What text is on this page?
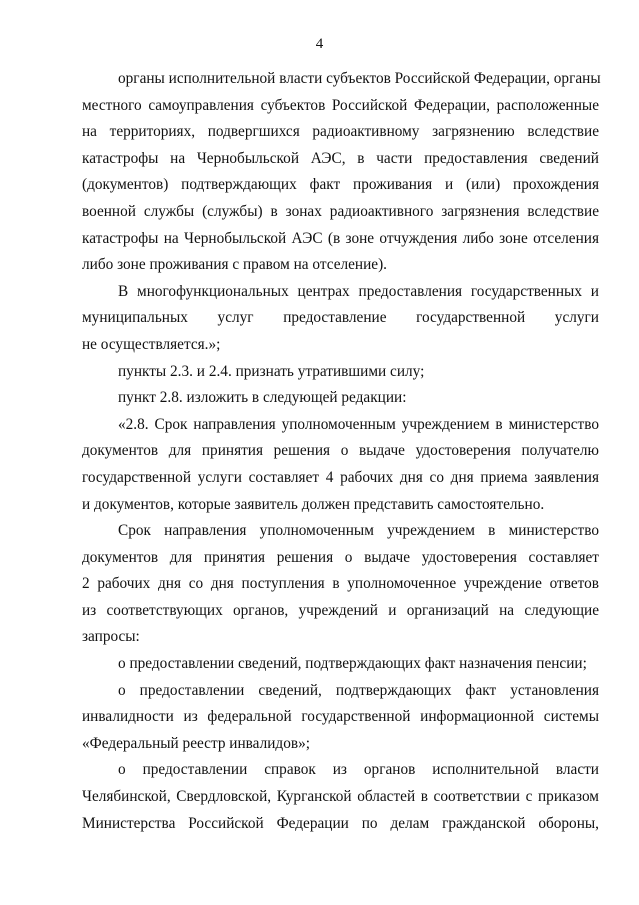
4
органы исполнительной власти субъектов Российской Федерации, органы
местного самоуправления субъектов Российской Федерации, расположенные
на территориях, подвергшихся радиоактивному загрязнению вследствие
катастрофы на Чернобыльской АЭС, в части предоставления сведений
(документов) подтверждающих факт проживания и (или) прохождения
военной службы (службы) в зонах радиоактивного загрязнения вследствие
катастрофы на Чернобыльской АЭС (в зоне отчуждения либо зоне отселения
либо зоне проживания с правом на отселение).
В многофункциональных центрах предоставления государственных и
муниципальных услуг предоставление государственной услуги
не осуществляется.»;
пункты 2.3. и 2.4. признать утратившими силу;
пункт 2.8. изложить в следующей редакции:
«2.8. Срок направления уполномоченным учреждением в министерство
документов для принятия решения о выдаче удостоверения получателю
государственной услуги составляет 4 рабочих дня со дня приема заявления
и документов, которые заявитель должен представить самостоятельно.
Срок направления уполномоченным учреждением в министерство
документов для принятия решения о выдаче удостоверения составляет
2 рабочих дня со дня поступления в уполномоченное учреждение ответов
из соответствующих органов, учреждений и организаций на следующие
запросы:
о предоставлении сведений, подтверждающих факт назначения пенсии;
о предоставлении сведений, подтверждающих факт установления
инвалидности из федеральной государственной информационной системы
«Федеральный реестр инвалидов»;
о предоставлении справок из органов исполнительной власти
Челябинской, Свердловской, Курганской областей в соответствии с приказом
Министерства Российской Федерации по делам гражданской обороны,
